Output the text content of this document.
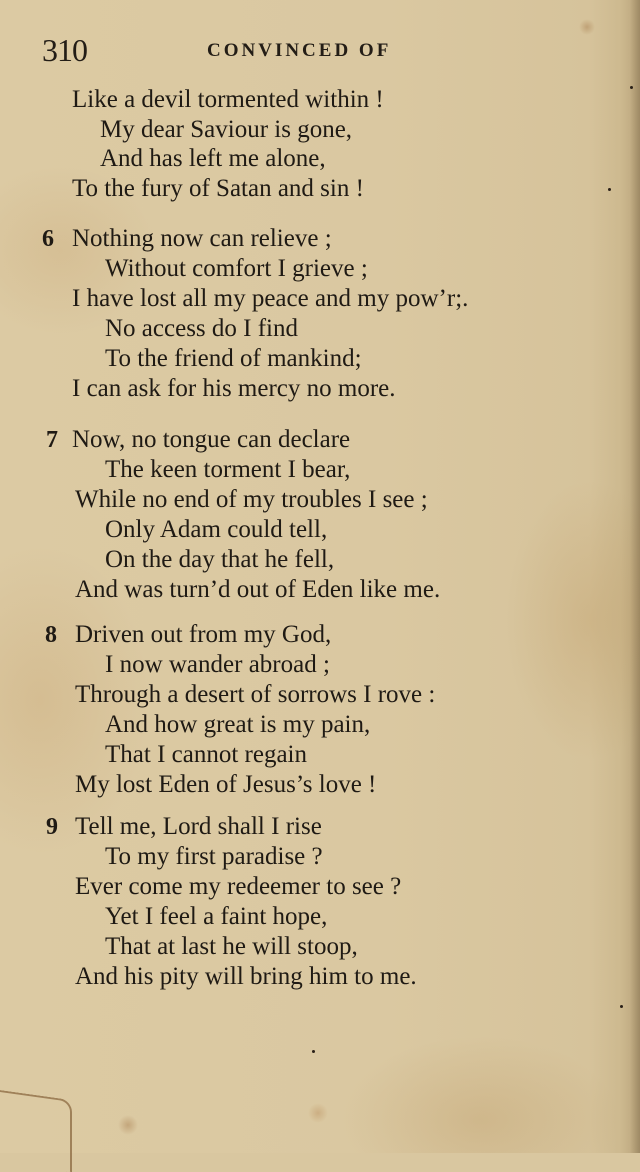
310	CONVINCED OF
Like a devil tormented within !
My dear Saviour is gone,
And has left me alone,
To the fury of Satan and sin !
6 Nothing now can relieve ;
Without comfort I grieve ;
I have lost all my peace and my pow’r;.
No access do I find
To the friend of mankind;
I can ask for his mercy no more.
7 Now, no tongue can declare
The keen torment I bear,
While no end of my troubles I see ;
Only Adam could tell,
On the day that he fell,
And was turn’d out of Eden like me.
8 Driven out from my God,
I now wander abroad ;
Through a desert of sorrows I rove :
And how great is my pain,
That I cannot regain
My lost Eden of Jesus’s love !
9 Tell me, Lord shall I rise
To my first paradise ?
Ever come my redeemer to see ?
Yet I feel a faint hope,
That at last he will stoop,
And his pity will bring him to me.
